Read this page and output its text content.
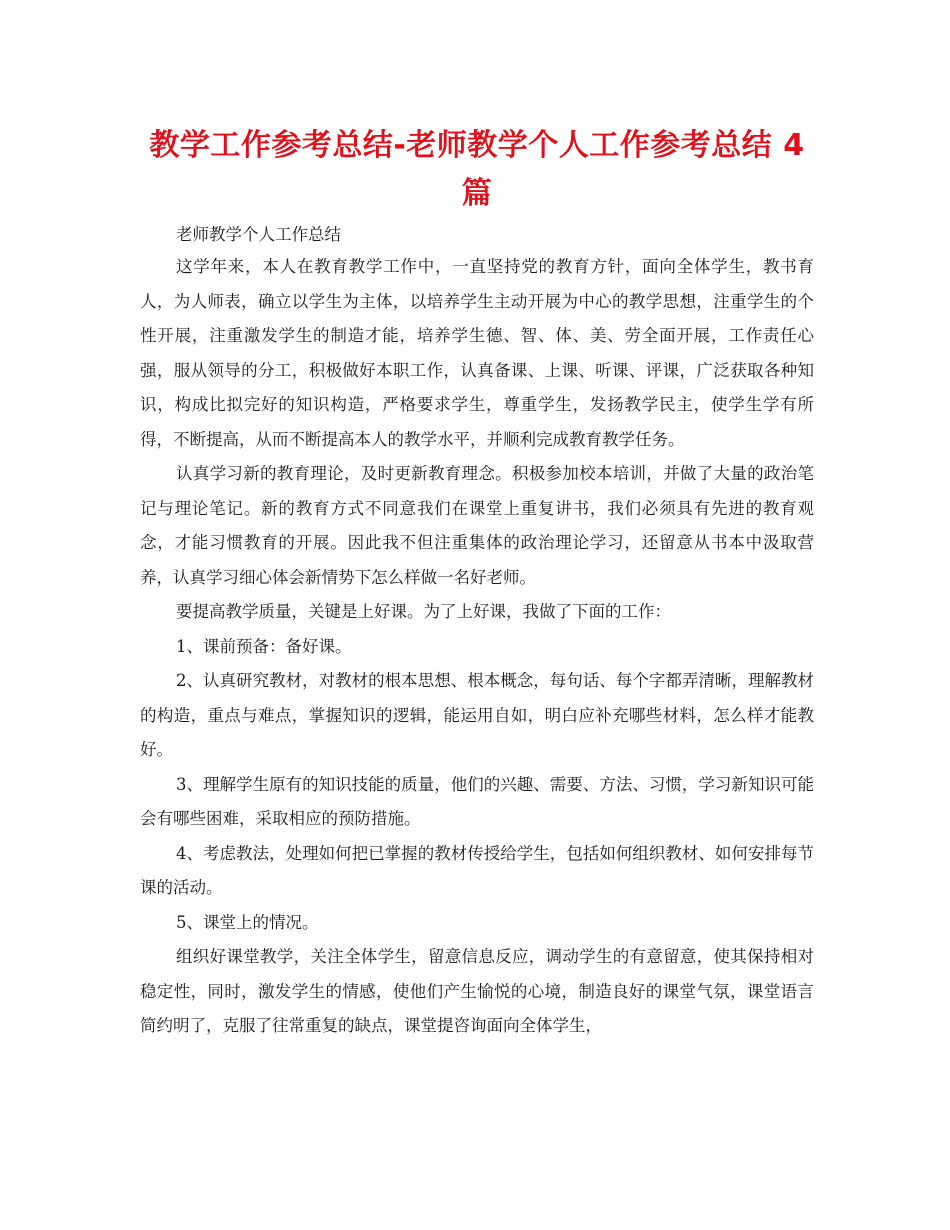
教学工作参考总结-老师教学个人工作参考总结 4 篇

老师教学个人工作总结

这学年来，本人在教育教学工作中，一直坚持党的教育方针，面向全体学生，教书育人，为人师表，确立以学生为主体，以培养学生主动开展为中心的教学思想，注重学生的个性开展，注重激发学生的制造才能，培养学生德、智、体、美、劳全面开展，工作责任心强，服从领导的分工，积极做好本职工作，认真备课、上课、听课、评课，广泛获取各种知识，构成比拟完好的知识构造，严格要求学生，尊重学生，发扬教学民主，使学生学有所得，不断提高，从而不断提高本人的教学水平，并顺利完成教育教学任务。

认真学习新的教育理论，及时更新教育理念。积极参加校本培训，并做了大量的政治笔记与理论笔记。新的教育方式不同意我们在课堂上重复讲书，我们必须具有先进的教育观念，才能习惯教育的开展。因此我不但注重集体的政治理论学习，还留意从书本中汲取营养，认真学习细心体会新情势下怎么样做一名好老师。

要提高教学质量，关键是上好课。为了上好课，我做了下面的工作：

1、课前预备：备好课。

2、认真研究教材，对教材的根本思想、根本概念，每句话、每个字都弄清晰，理解教材的构造，重点与难点，掌握知识的逻辑，能运用自如，明白应补充哪些材料，怎么样才能教好。

3、理解学生原有的知识技能的质量，他们的兴趣、需要、方法、习惯，学习新知识可能会有哪些困难，采取相应的预防措施。

4、考虑教法，处理如何把已掌握的教材传授给学生，包括如何组织教材、如何安排每节课的活动。

5、课堂上的情况。

组织好课堂教学，关注全体学生，留意信息反应，调动学生的有意留意，使其保持相对稳定性，同时，激发学生的情感，使他们产生愉悦的心境，制造良好的课堂气氛，课堂语言简约明了，克服了往常重复的缺点，课堂提咨询面向全体学生，
